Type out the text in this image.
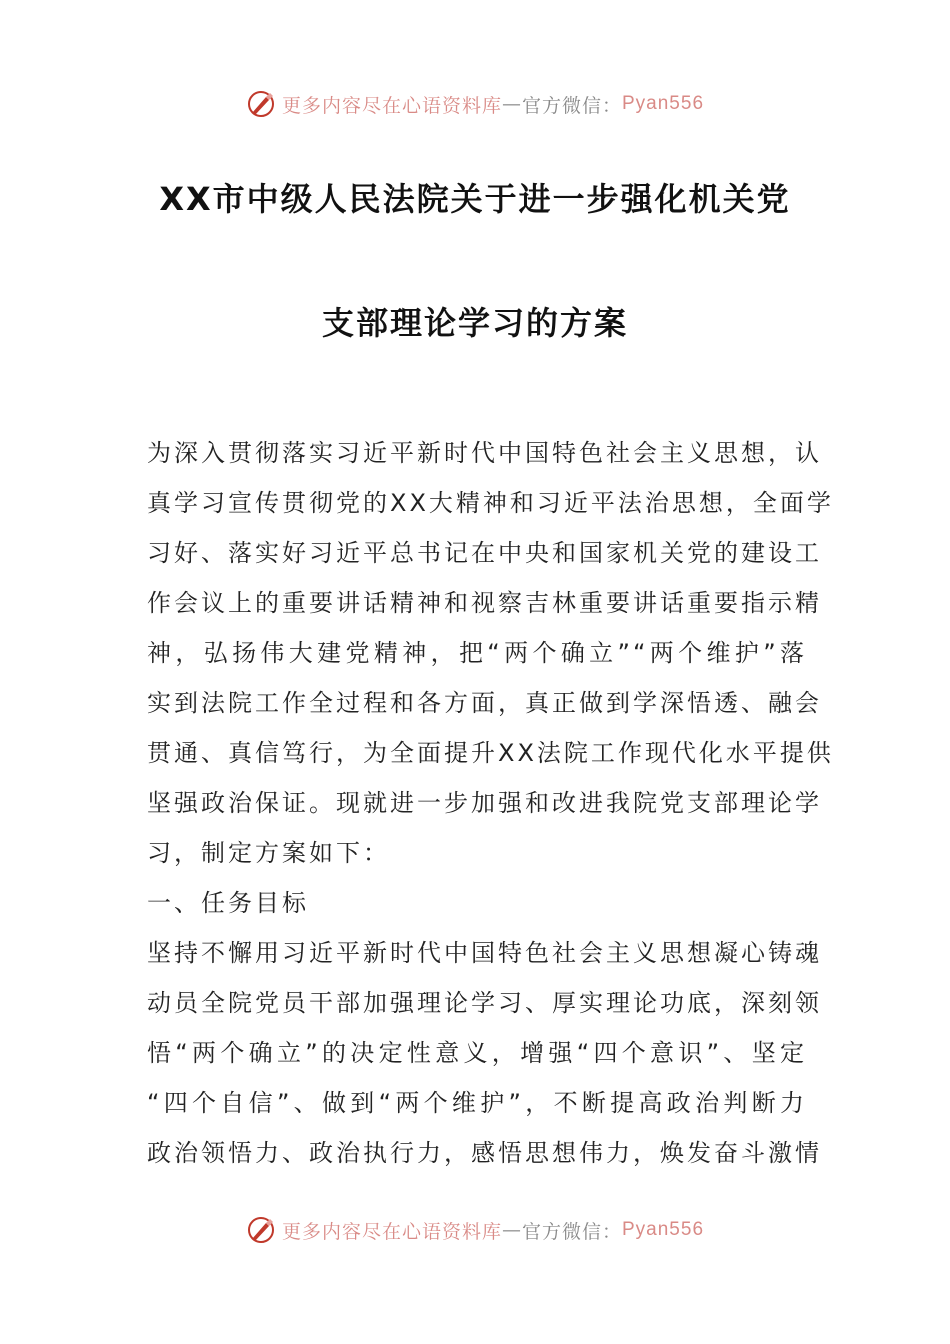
更多内容尽在心语资料库 — 官方微信： Pyan556
XX市中级人民法院关于进一步强化机关党
支部理论学习的方案
为深入贯彻落实习近平新时代中国特色社会主义思想，认
真学习宣传贯彻党的XX大精神和习近平法治思想，全面学
习好、落实好习近平总书记在中央和国家机关党的建设工
作会议上的重要讲话精神和视察吉林重要讲话重要指示精
神，弘扬伟大建党精神，把“两个确立”“两个维护”落
实到法院工作全过程和各方面，真正做到学深悟透、融会
贯通、真信笃行，为全面提升XX法院工作现代化水平提供
坚强政治保证。现就进一步加强和改进我院党支部理论学
习，制定方案如下：
一、任务目标
坚持不懈用习近平新时代中国特色社会主义思想凝心铸魂
动员全院党员干部加强理论学习、厚实理论功底，深刻领
悟“两个确立”的决定性意义，增强“四个意识”、坚定
“四个自信”、做到“两个维护”，不断提高政治判断力
政治领悟力、政治执行力，感悟思想伟力，焕发奋斗激情
更多内容尽在心语资料库 — 官方微信： Pyan556
